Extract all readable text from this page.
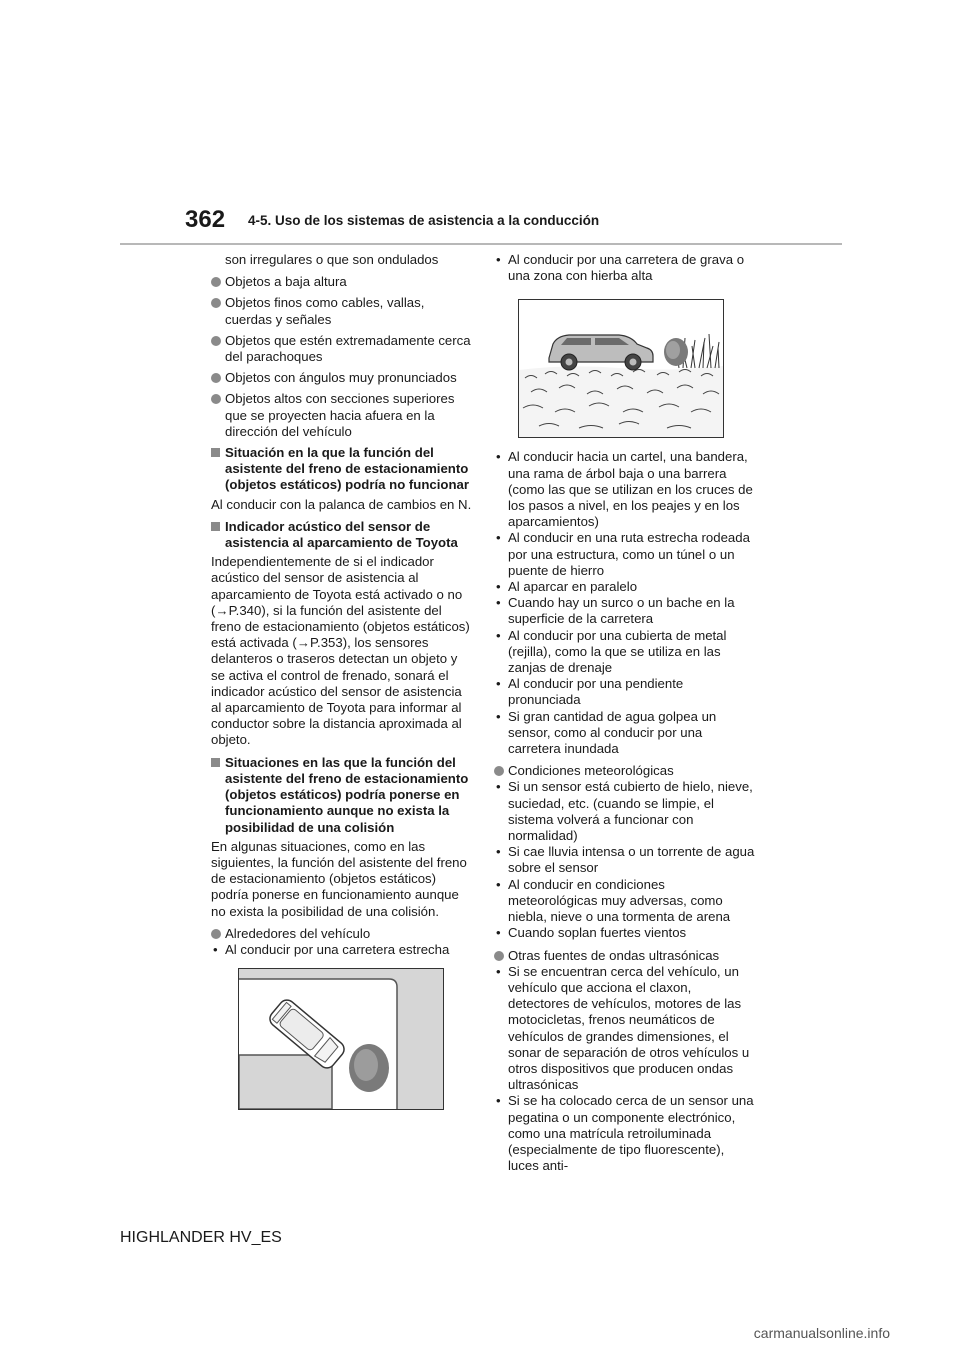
362 4-5. Uso de los sistemas de asistencia a la conducción

son irregulares o que son ondulados

Objetos a baja altura
Objetos finos como cables, vallas, cuerdas y señales
Objetos que estén extremadamente cerca del parachoques
Objetos con ángulos muy pronunciados
Objetos altos con secciones superiores que se proyecten hacia afuera en la dirección del vehículo
Situación en la que la función del asistente del freno de estacionamiento (objetos estáticos) podría no funcionar

Al conducir con la palanca de cambios en N.

Indicador acústico del sensor de asistencia al aparcamiento de Toyota

Independientemente de si el indicador acústico del sensor de asistencia al aparcamiento de Toyota está activado o no (→P.340), si la función del asistente del freno de estacionamiento (objetos estáticos) está activada (→P.353), los sensores delanteros o traseros detectan un objeto y se activa el control de frenado, sonará el indicador acústico del sensor de asistencia al aparcamiento de Toyota para informar al conductor sobre la distancia aproximada al objeto.

Situaciones en las que la función del asistente del freno de estacionamiento (objetos estáticos) podría ponerse en funcionamiento aunque no exista la posibilidad de una colisión

En algunas situaciones, como en las siguientes, la función del asistente del freno de estacionamiento (objetos estáticos) podría ponerse en funcionamiento aunque no exista la posibilidad de una colisión.

Alrededores del vehículo
• Al conducir por una carretera estrecha
• Al conducir por una carretera de grava o una zona con hierba alta
• Al conducir hacia un cartel, una bandera, una rama de árbol baja o una barrera (como las que se utilizan en los cruces de los pasos a nivel, en los peajes y en los aparcamientos)
• Al conducir en una ruta estrecha rodeada por una estructura, como un túnel o un puente de hierro
• Al aparcar en paralelo
• Cuando hay un surco o un bache en la superficie de la carretera
• Al conducir por una cubierta de metal (rejilla), como la que se utiliza en las zanjas de drenaje
• Al conducir por una pendiente pronunciada
• Si gran cantidad de agua golpea un sensor, como al conducir por una carretera inundada
Condiciones meteorológicas
• Si un sensor está cubierto de hielo, nieve, suciedad, etc. (cuando se limpie, el sistema volverá a funcionar con normalidad)
• Si cae lluvia intensa o un torrente de agua sobre el sensor
• Al conducir en condiciones meteorológicas muy adversas, como niebla, nieve o una tormenta de arena
• Cuando soplan fuertes vientos
Otras fuentes de ondas ultrasónicas
• Si se encuentran cerca del vehículo, un vehículo que acciona el claxon, detectores de vehículos, motores de las motocicletas, frenos neumáticos de vehículos de grandes dimensiones, el sonar de separación de otros vehículos u otros dispositivos que producen ondas ultrasónicas
• Si se ha colocado cerca de un sensor una pegatina o un componente electrónico, como una matrícula retroiluminada (especialmente de tipo fluorescente), luces anti-
HIGHLANDER HV_ES
carmanualsonline.info
